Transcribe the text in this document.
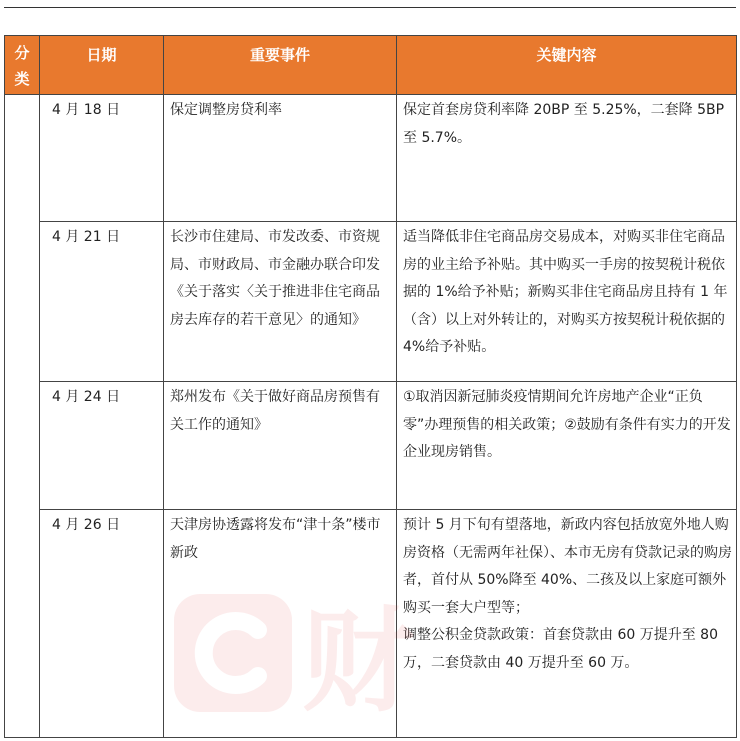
分类	日期	重要事件	关键内容

	4 月 18 日	保定调整房贷利率	保定首套房贷利率降 20BP 至 5.25%，二套降 5BP 至 5.7%。

	4 月 21 日	长沙市住建局、市发改委、市资规局、市财政局、市金融办联合印发《关于落实〈关于推进非住宅商品房去库存的若干意见〉的通知》	适当降低非住宅商品房交易成本，对购买非住宅商品房的业主给予补贴。其中购买一手房的按契税计税依据的 1%给予补贴；新购买非住宅商品房且持有 1 年（含）以上对外转让的，对购买方按契税计税依据的 4%给予补贴。

	4 月 24 日	郑州发布《关于做好商品房预售有关工作的通知》	①取消因新冠肺炎疫情期间允许房地产企业“正负零”办理预售的相关政策；②鼓励有条件有实力的开发企业现房销售。

	4 月 26 日	天津房协透露将发布“津十条”楼市新政	预计 5 月下旬有望落地，新政内容包括放宽外地人购房资格（无需两年社保）、本市无房有贷款记录的购房者，首付从 50%降至 40%、二孩及以上家庭可额外购买一套大户型等；
调整公积金贷款政策：首套贷款由 60 万提升至 80 万，二套贷款由 40 万提升至 60 万。
财
